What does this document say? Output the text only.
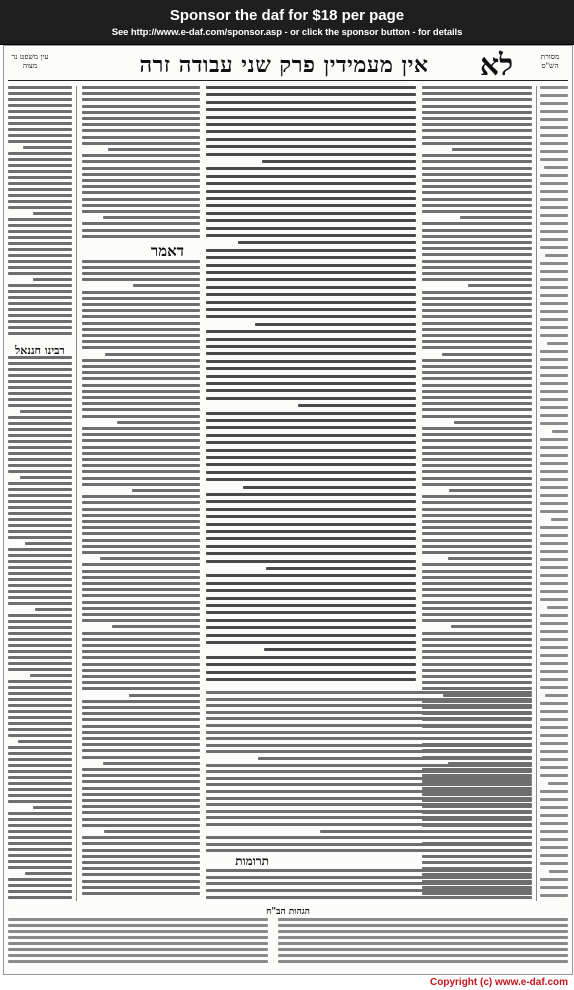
Sponsor the daf for $18 per page
See http://www.e-daf.com/sponsor.asp - or click the sponsor button - for details
עין משפט נר מצוה	אין מעמידין פרק שני עבודה זרה	לא	מסורת הש"ס
רבינו חננאל
דאמר
תרומות
הגהות הב"ח
Copyright (c) www.e-daf.com
